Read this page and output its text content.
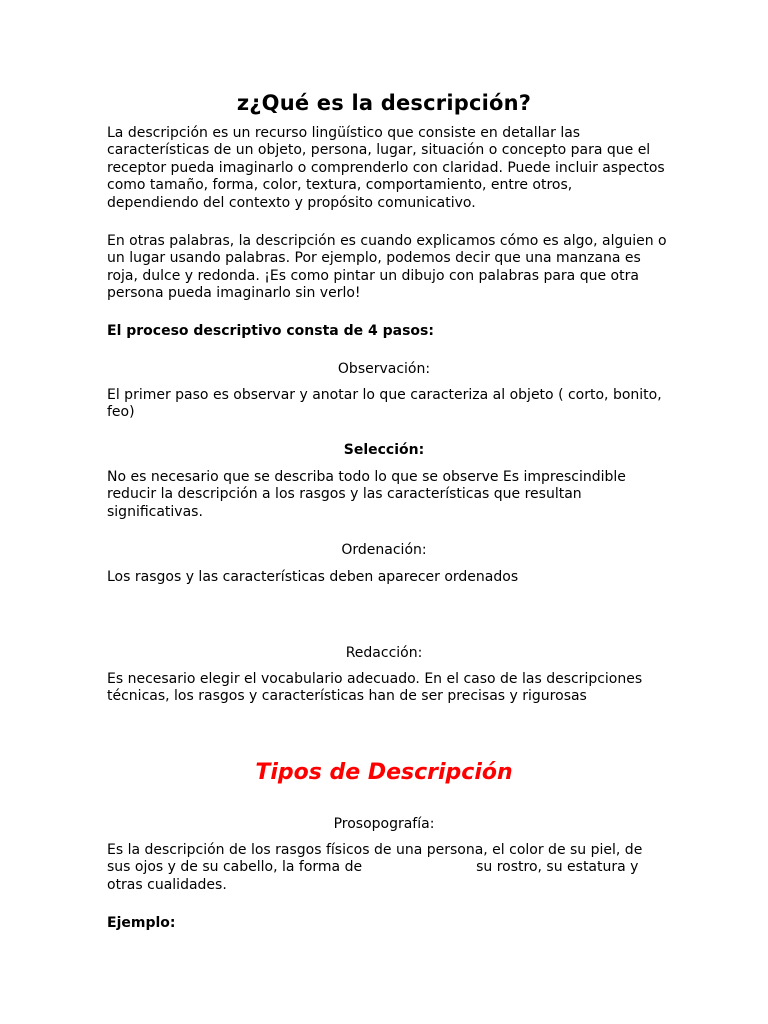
z¿Qué es la descripción?

La descripción es un recurso lingüístico que consiste en detallar las características de un objeto, persona, lugar, situación o concepto para que el receptor pueda imaginarlo o comprenderlo con claridad. Puede incluir aspectos como tamaño, forma, color, textura, comportamiento, entre otros, dependiendo del contexto y propósito comunicativo.

En otras palabras, la descripción es cuando explicamos cómo es algo, alguien o un lugar usando palabras. Por ejemplo, podemos decir que una manzana es roja, dulce y redonda. ¡Es como pintar un dibujo con palabras para que otra persona pueda imaginarlo sin verlo!

El proceso descriptivo consta de 4 pasos:

Observación:

El primer paso es observar y anotar lo que caracteriza al objeto ( corto, bonito, feo)

Selección:

No es necesario que se describa todo lo que se observe Es imprescindible reducir la descripción a los rasgos y las características que resultan significativas.

Ordenación:

Los rasgos y las características deben aparecer ordenados

Redacción:

Es necesario elegir el vocabulario adecuado. En el caso de las descripciones técnicas, los rasgos y características han de ser precisas y rigurosas

Tipos de Descripción
Prosopografía:

Es la descripción de los rasgos físicos de una persona, el color de su piel, de sus ojos y de su cabello, la forma de	su rostro, su estatura y otras cualidades.

Ejemplo:
